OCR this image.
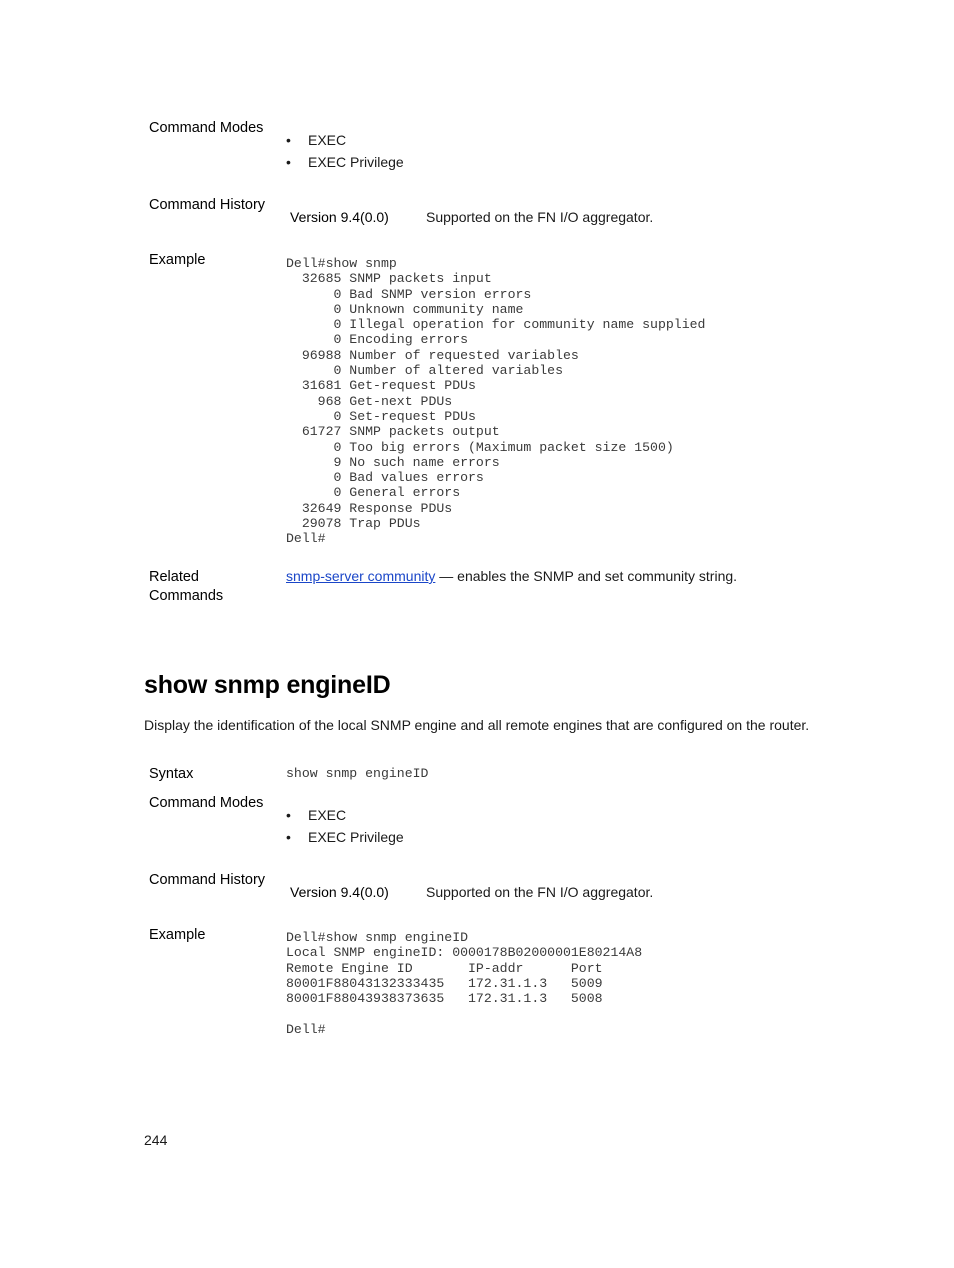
Command Modes
• EXEC
• EXEC Privilege
Command History
Version 9.4(0.0)	Supported on the FN I/O aggregator.
Example	Dell#show snmp
32685 SNMP packets input
0 Bad SNMP version errors
0 Unknown community name
0 Illegal operation for community name supplied
0 Encoding errors
96988 Number of requested variables
0 Number of altered variables
31681 Get-request PDUs
968 Get-next PDUs
0 Set-request PDUs
61727 SNMP packets output
0 Too big errors (Maximum packet size 1500)
9 No such name errors
0 Bad values errors
0 General errors
32649 Response PDUs
29078 Trap PDUs
Dell#
Related Commands
snmp-server community — enables the SNMP and set community string.
show snmp engineID
Display the identification of the local SNMP engine and all remote engines that are configured on the router.
Syntax	show snmp engineID
Command Modes
• EXEC
• EXEC Privilege
Command History
Version 9.4(0.0)	Supported on the FN I/O aggregator.
Example	Dell#show snmp engineID
Local SNMP engineID: 0000178B02000001E80214A8
Remote Engine ID       IP-addr      Port
80001F88043132333435   172.31.1.3   5009
80001F88043938373635   172.31.1.3   5008

Dell#
244
